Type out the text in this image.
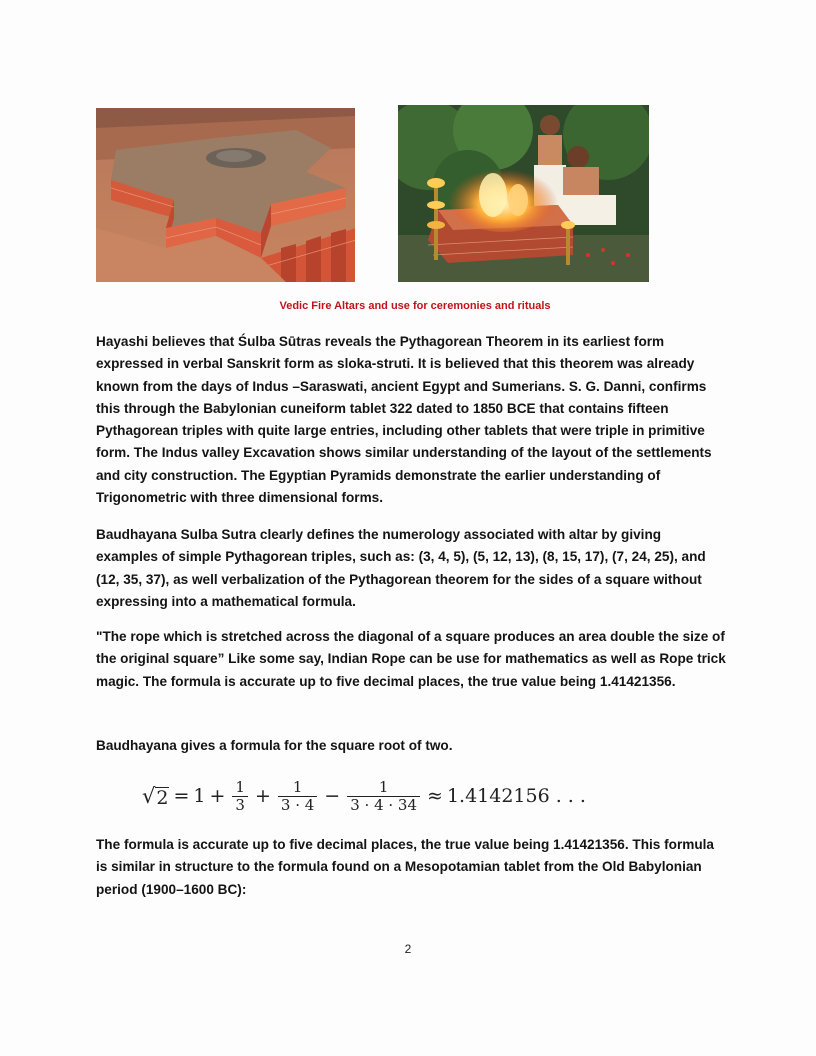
Vedic Fire Altars and use for ceremonies and rituals

Hayashi believes that Śulba Sūtras reveals the Pythagorean Theorem in its earliest form expressed in verbal Sanskrit form as sloka-struti. It is believed that this theorem was already known from the days of Indus –Saraswati, ancient Egypt and Sumerians. S. G. Danni, confirms this through the Babylonian cuneiform tablet 322 dated to 1850 BCE that contains fifteen Pythagorean triples with quite large entries, including other tablets that were triple in primitive form. The Indus valley Excavation shows similar understanding of the layout of the settlements and city construction. The Egyptian Pyramids demonstrate the earlier understanding of Trigonometric with three dimensional forms.

Baudhayana Sulba Sutra clearly defines the numerology associated with altar by giving examples of simple Pythagorean triples, such as: (3, 4, 5), (5, 12, 13), (8, 15, 17), (7, 24, 25), and (12, 35, 37), as well verbalization of the Pythagorean theorem for the sides of a square without expressing into a mathematical formula.

"The rope which is stretched across the diagonal of a square produces an area double the size of the original square” Like some say, Indian Rope can be use for mathematics as well as Rope trick magic. The formula is accurate up to five decimal places, the true value being 1.41421356.

Baudhayana gives a formula for the square root of two.

√ $2 = 1 + \frac{1}{3} + \frac{1}{3 \cdot 4} - \frac{1}{3 \cdot 4 \cdot 34} \approx 1.4142156$ . . .

The formula is accurate up to five decimal places, the true value being 1.41421356. This formula is similar in structure to the formula found on a Mesopotamian tablet from the Old Babylonian period (1900–1600 BC):

2
